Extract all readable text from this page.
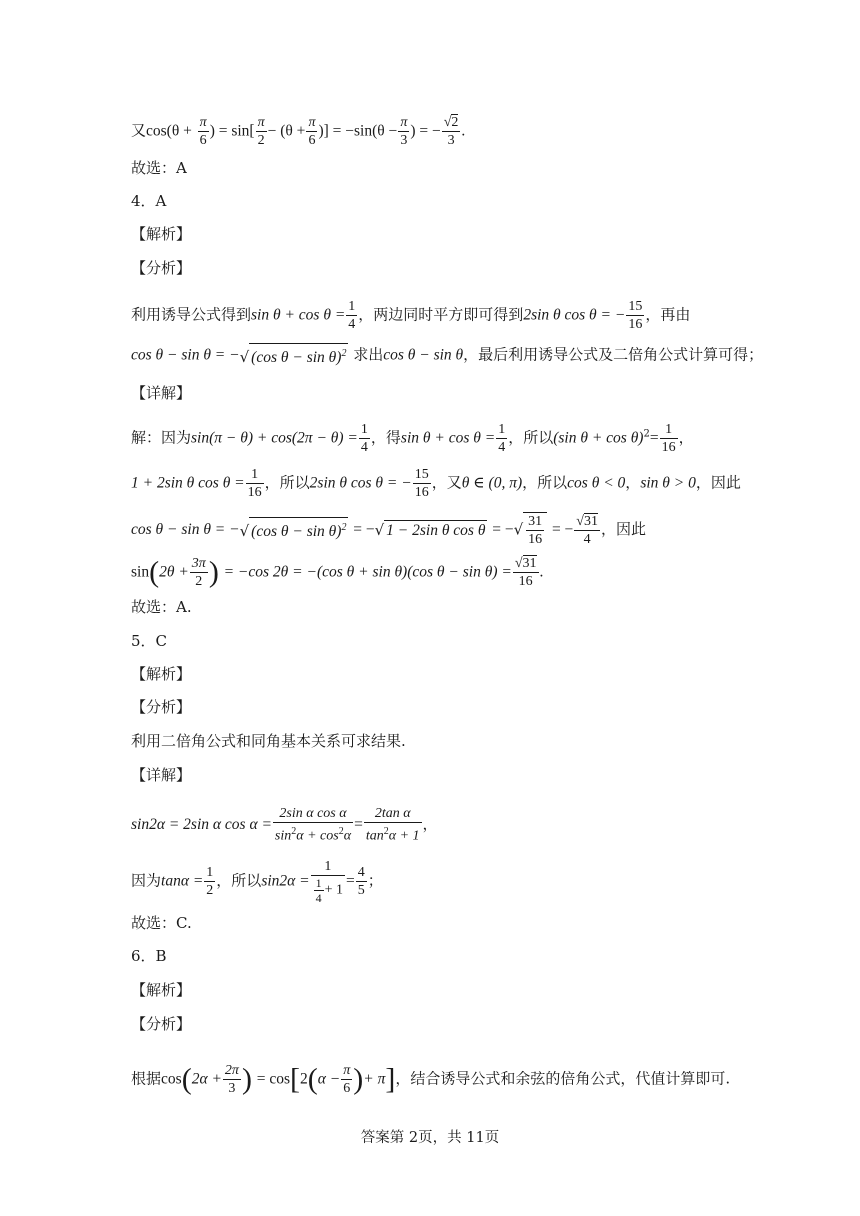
又$\cos(\theta + \frac{\pi}{6}$ ) = $\sin[ \frac{\pi}{2} - (\theta + \frac{\pi}{6}$ )] = $-\sin(\theta - \frac{\pi}{3}$ ) = − $\frac{√2}{3}$ .
故选：A
4．A
【解析】
【分析】
利用诱导公式得到$\sin \theta + \cos \theta = \frac{1}{4}$ ，两边同时平方即可得到2sin θ cos θ = − $\frac{15}{16}$ ，再由
cos θ − sin θ = −√ (cos θ − sin θ)$^2$ 求出cos θ − sin θ，最后利用诱导公式及二倍角公式计算可得；
【详解】
解：因为$\sin(\pi - \theta) + \cos(2\pi - \theta) = \frac{1}{4}$ ，得$\sin \theta + \cos \theta = \frac{1}{4}$ ，所以(sin $\theta + \cos \theta)^2= \frac{1}{16}$ ，
1 + 2sin θ $\cos \theta = \frac{1}{16}$ ，所以2sin θ cos θ = − $\frac{15}{16}$ ，又θ ∈ (0, π)，所以cos θ < 0，sin θ > 0，因此
cos θ − sin θ = −√ (cos θ − sin θ)$^2$ = −√ 1 − 2sin θ cos θ = −√ $\frac{31}{16}$ = − $\frac{√31}{4}$ ，因此
$\sin(2\theta + \frac{3\pi}{2}$ ) = −cos 2θ = −(cos θ + sin θ)(cos $\theta - \sin \theta) = \frac{√31}{16}$ .
故选：A.
5．C
【解析】
【分析】
利用二倍角公式和同角基本关系可求结果.
【详解】
sin2α = 2sin α $\cos \alpha = \frac{\text{2sin α cos α}}{\sin^2\alpha + \cos^2\alpha} = \frac{\text{2tan α}}{\tan^2\alpha + 1}$ ，
因为$\tan\alpha = \frac{1}{2}$ ，所以$\sin 2\alpha = \frac{1}{\frac{1}{4} + 1} = \frac{4}{5}$ ；
故选：C.
6．B
【解析】
【分析】
根据$\cos(2\alpha + \frac{2\pi}{3}$ ) = $\cos[2(\alpha - \frac{\pi}{6}$ )+ π]，结合诱导公式和余弦的倍角公式，代值计算即可.
答案第 2页，共 11页
